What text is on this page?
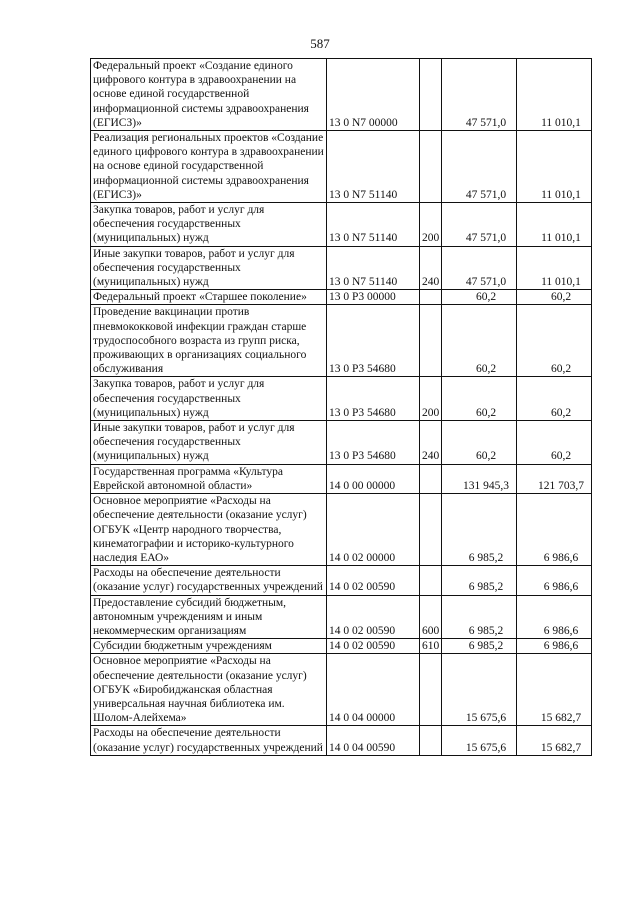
587
Федеральный проект «Создание единого цифрового контура в здравоохранении на основе единой государственной информационной системы здравоохранения (ЕГИСЗ)»	13 0 N7 00000		47 571,0	11 010,1
Реализация региональных проектов «Создание единого цифрового контура в здравоохранении на основе единой государственной информационной системы здравоохранения (ЕГИСЗ)»	13 0 N7 51140		47 571,0	11 010,1
Закупка товаров, работ и услуг для обеспечения государственных (муниципальных) нужд	13 0 N7 51140	200	47 571,0	11 010,1
Иные закупки товаров, работ и услуг для обеспечения государственных (муниципальных) нужд	13 0 N7 51140	240	47 571,0	11 010,1
Федеральный проект «Старшее поколение»	13 0 P3 00000		60,2	60,2
Проведение вакцинации против пневмококковой инфекции граждан старше трудоспособного возраста из групп риска, проживающих в организациях социального обслуживания	13 0 P3 54680		60,2	60,2
Закупка товаров, работ и услуг для обеспечения государственных (муниципальных) нужд	13 0 P3 54680	200	60,2	60,2
Иные закупки товаров, работ и услуг для обеспечения государственных (муниципальных) нужд	13 0 P3 54680	240	60,2	60,2
Государственная программа «Культура Еврейской автономной области»	14 0 00 00000		131 945,3	121 703,7
Основное мероприятие «Расходы на обеспечение деятельности (оказание услуг) ОГБУК «Центр народного творчества, кинематографии и историко-культурного наследия ЕАО»	14 0 02 00000		6 985,2	6 986,6
Расходы на обеспечение деятельности (оказание услуг) государственных учреждений	14 0 02 00590		6 985,2	6 986,6
Предоставление субсидий бюджетным, автономным учреждениям и иным некоммерческим организациям	14 0 02 00590	600	6 985,2	6 986,6
Субсидии бюджетным учреждениям	14 0 02 00590	610	6 985,2	6 986,6
Основное мероприятие «Расходы на обеспечение деятельности (оказание услуг) ОГБУК «Биробиджанская областная универсальная научная библиотека им. Шолом-Алейхема»	14 0 04 00000		15 675,6	15 682,7
Расходы на обеспечение деятельности (оказание услуг) государственных учреждений	14 0 04 00590		15 675,6	15 682,7
